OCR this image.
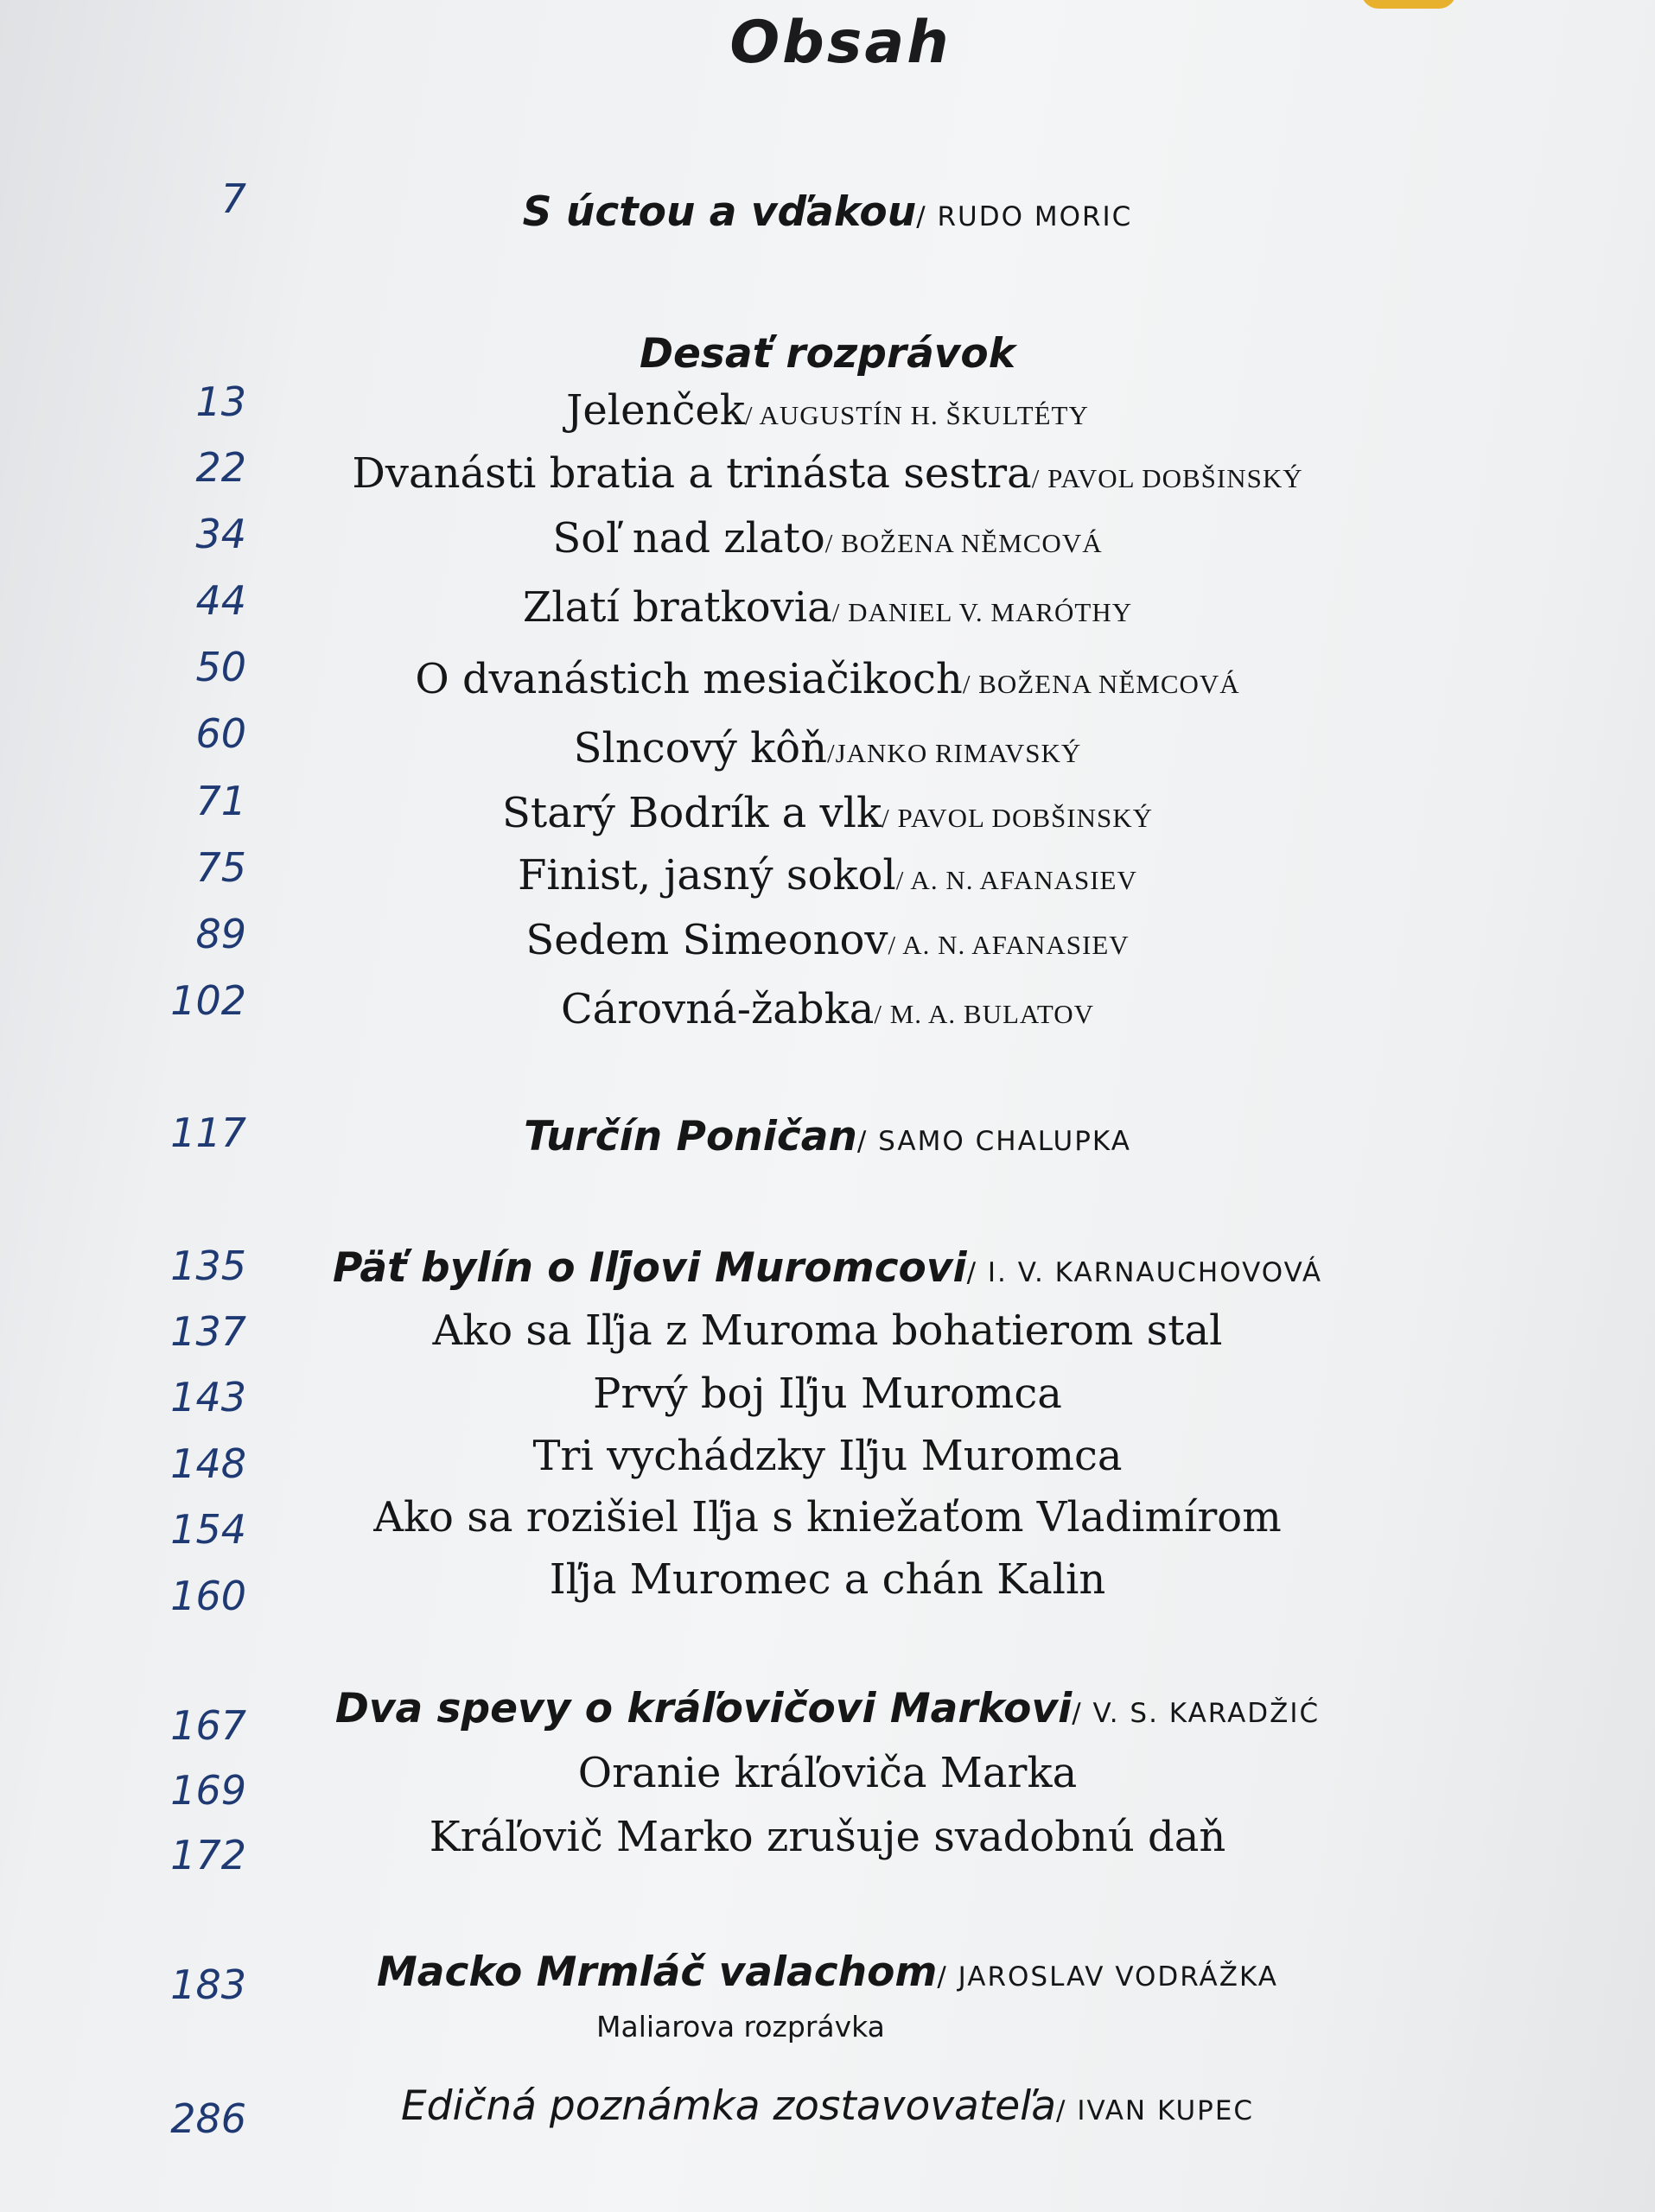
Obsah
7	S úctou a vďakou/ RUDO MORIC
Desať rozprávok
13	Jelenček/ AUGUSTÍN H. ŠKULTÉTY
22	Dvanásti bratia a trinásta sestra/ PAVOL DOBŠINSKÝ
34	Soľ nad zlato/ BOŽENA NĚMCOVÁ
44	Zlatí bratkovia/ DANIEL V. MARÓTHY
50	O dvanástich mesiačikoch/ BOŽENA NĚMCOVÁ
60	Slncový kôň/JANKO RIMAVSKÝ
71	Starý Bodrík a vlk/ PAVOL DOBŠINSKÝ
75	Finist, jasný sokol/ A. N. AFANASIEV
89	Sedem Simeonov/ A. N. AFANASIEV
102	Cárovná-žabka/ M. A. BULATOV
117	Turčín Poničan/ SAMO CHALUPKA
135	Päť bylín o Iľjovi Muromcovi/ I. V. KARNAUCHOVOVÁ
137	Ako sa Iľja z Muroma bohatierom stal
143	Prvý boj Iľju Muromca
148	Tri vychádzky Iľju Muromca
154	Ako sa rozišiel Iľja s kniežaťom Vladimírom
160	Iľja Muromec a chán Kalin
167	Dva spevy o kráľovičovi Markovi/ V. S. KARADŽIĆ
169	Oranie kráľoviča Marka
172	Kráľovič Marko zrušuje svadobnú daň
183	Macko Mrmláč valachom/ JAROSLAV VODRÁŽKA
Maliarova rozprávka
286	Edičná poznámka zostavovateľa/ IVAN KUPEC
